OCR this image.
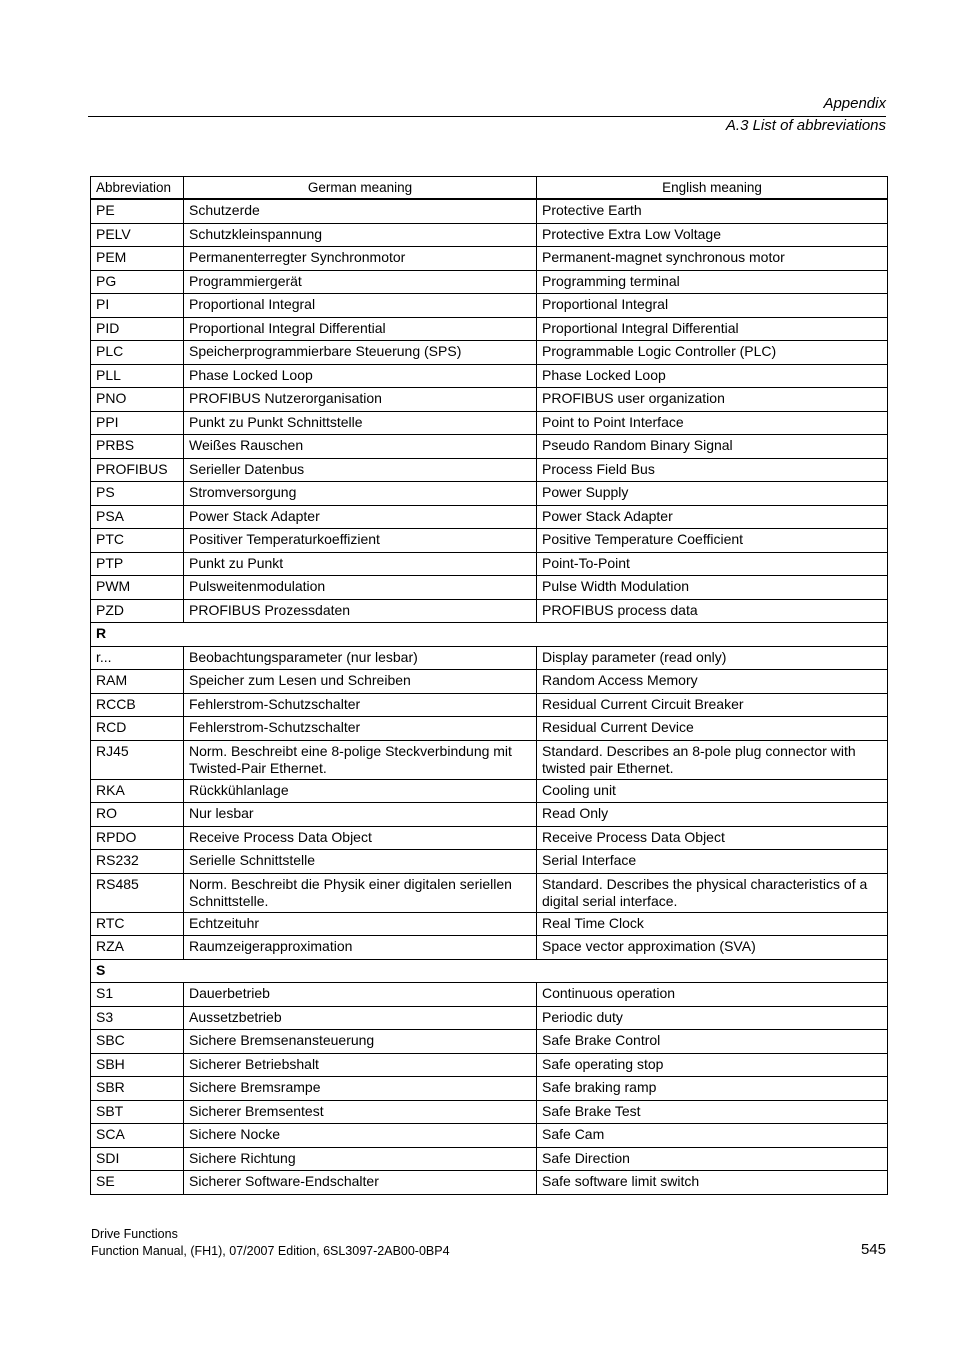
Appendix
A.3 List of abbreviations
Abbreviation	German meaning	English meaning
PE	Schutzerde	Protective Earth
PELV	Schutzkleinspannung	Protective Extra Low Voltage
PEM	Permanenterregter Synchronmotor	Permanent-magnet synchronous motor
PG	Programmiergerät	Programming terminal
PI	Proportional Integral	Proportional Integral
PID	Proportional Integral Differential	Proportional Integral Differential
PLC	Speicherprogrammierbare Steuerung (SPS)	Programmable Logic Controller (PLC)
PLL	Phase Locked Loop	Phase Locked Loop
PNO	PROFIBUS Nutzerorganisation	PROFIBUS user organization
PPI	Punkt zu Punkt Schnittstelle	Point to Point Interface
PRBS	Weißes Rauschen	Pseudo Random Binary Signal
PROFIBUS	Serieller Datenbus	Process Field Bus
PS	Stromversorgung	Power Supply
PSA	Power Stack Adapter	Power Stack Adapter
PTC	Positiver Temperaturkoeffizient	Positive Temperature Coefficient
PTP	Punkt zu Punkt	Point-To-Point
PWM	Pulsweitenmodulation	Pulse Width Modulation
PZD	PROFIBUS Prozessdaten	PROFIBUS process data
R		
r...	Beobachtungsparameter (nur lesbar)	Display parameter (read only)
RAM	Speicher zum Lesen und Schreiben	Random Access Memory
RCCB	Fehlerstrom-Schutzschalter	Residual Current Circuit Breaker
RCD	Fehlerstrom-Schutzschalter	Residual Current Device
RJ45	Norm. Beschreibt eine 8-polige Steckverbindung mit Twisted-Pair Ethernet.	Standard. Describes an 8-pole plug connector with twisted pair Ethernet.
RKA	Rückkühlanlage	Cooling unit
RO	Nur lesbar	Read Only
RPDO	Receive Process Data Object	Receive Process Data Object
RS232	Serielle Schnittstelle	Serial Interface
RS485	Norm. Beschreibt die Physik einer digitalen seriellen Schnittstelle.	Standard. Describes the physical characteristics of a digital serial interface.
RTC	Echtzeituhr	Real Time Clock
RZA	Raumzeigerapproximation	Space vector approximation (SVA)
S		
S1	Dauerbetrieb	Continuous operation
S3	Aussetzbetrieb	Periodic duty
SBC	Sichere Bremsenansteuerung	Safe Brake Control
SBH	Sicherer Betriebshalt	Safe operating stop
SBR	Sichere Bremsrampe	Safe braking ramp
SBT	Sicherer Bremsentest	Safe Brake Test
SCA	Sichere Nocke	Safe Cam
SDI	Sichere Richtung	Safe Direction
SE	Sicherer Software-Endschalter	Safe software limit switch
Drive Functions
Function Manual, (FH1), 07/2007 Edition, 6SL3097-2AB00-0BP4	545
